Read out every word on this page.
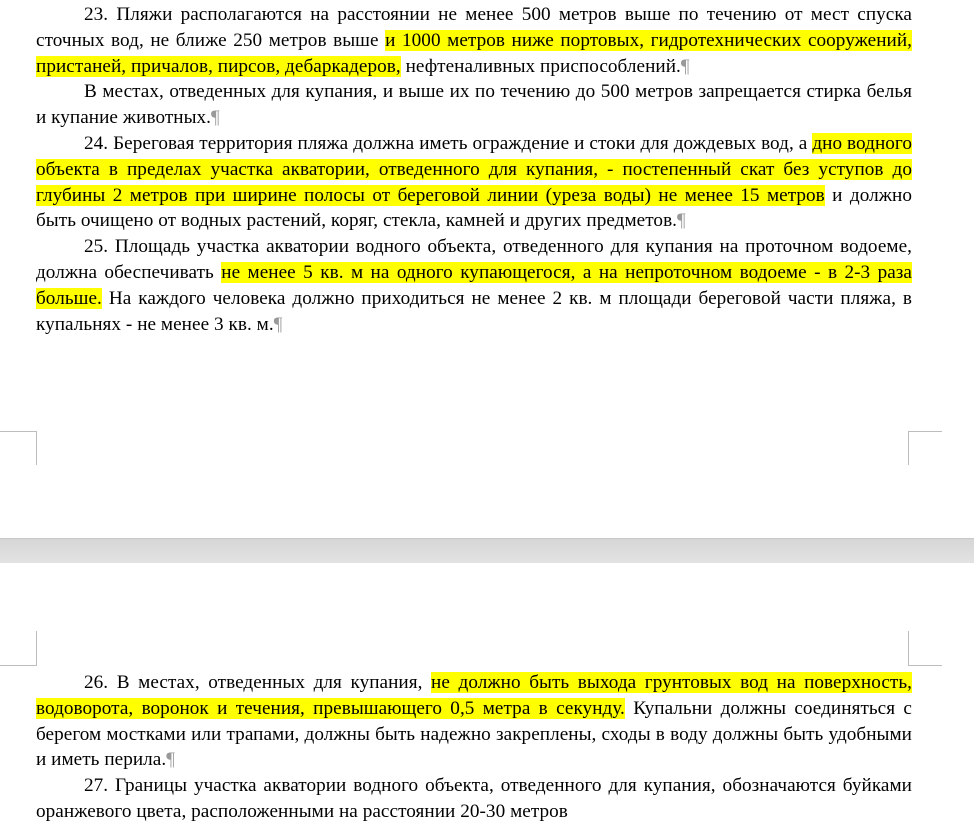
23. Пляжи располагаются на расстоянии не менее 500 метров выше по течению от мест спуска сточных вод, не ближе 250 метров выше и 1000 метров ниже портовых, гидротехнических сооружений, пристаней, причалов, пирсов, дебаркадеров, нефтеналивных приспособлений.¶

В местах, отведенных для купания, и выше их по течению до 500 метров запрещается стирка белья и купание животных.¶

24. Береговая территория пляжа должна иметь ограждение и стоки для дождевых вод, а дно водного объекта в пределах участка акватории, отведенного для купания, - постепенный скат без уступов до глубины 2 метров при ширине полосы от береговой линии (уреза воды) не менее 15 метров и должно быть очищено от водных растений, коряг, стекла, камней и других предметов.¶

25. Площадь участка акватории водного объекта, отведенного для купания на проточном водоеме, должна обеспечивать не менее 5 кв. м на одного купающегося, а на непроточном водоеме - в 2-3 раза больше. На каждого человека должно приходиться не менее 2 кв. м площади береговой части пляжа, в купальнях - не менее 3 кв. м.¶

26. В местах, отведенных для купания, не должно быть выхода грунтовых вод на поверхность, водоворота, воронок и течения, превышающего 0,5 метра в секунду. Купальни должны соединяться с берегом мостками или трапами, должны быть надежно закреплены, сходы в воду должны быть удобными и иметь перила.¶

27. Границы участка акватории водного объекта, отведенного для купания, обозначаются буйками оранжевого цвета, расположенными на расстоянии 20-30 метров
